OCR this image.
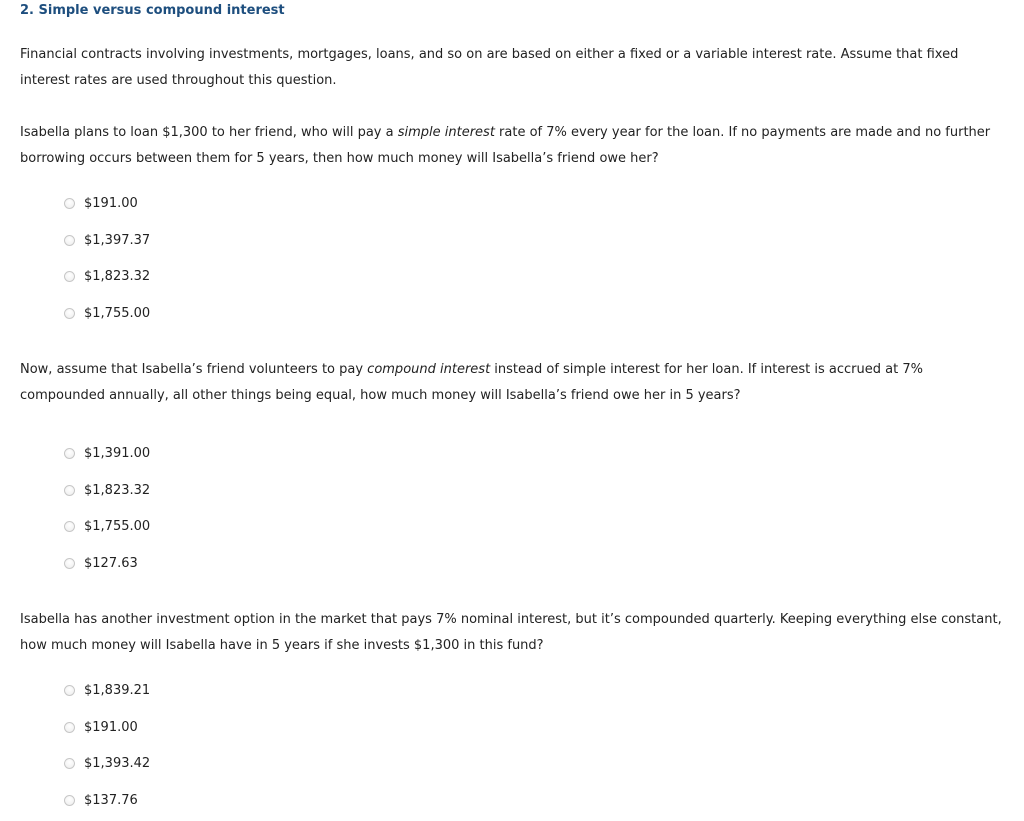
2. Simple versus compound interest

Financial contracts involving investments, mortgages, loans, and so on are based on either a fixed or a variable interest rate. Assume that fixed interest rates are used throughout this question.

Isabella plans to loan $1,300 to her friend, who will pay a simple interest rate of 7% every year for the loan. If no payments are made and no further borrowing occurs between them for 5 years, then how much money will Isabella’s friend owe her?

$191.00
$1,397.37
$1,823.32
$1,755.00

Now, assume that Isabella’s friend volunteers to pay compound interest instead of simple interest for her loan. If interest is accrued at 7% compounded annually, all other things being equal, how much money will Isabella’s friend owe her in 5 years?

$1,391.00
$1,823.32
$1,755.00
$127.63

Isabella has another investment option in the market that pays 7% nominal interest, but it’s compounded quarterly. Keeping everything else constant, how much money will Isabella have in 5 years if she invests $1,300 in this fund?

$1,839.21
$191.00
$1,393.42
$137.76
